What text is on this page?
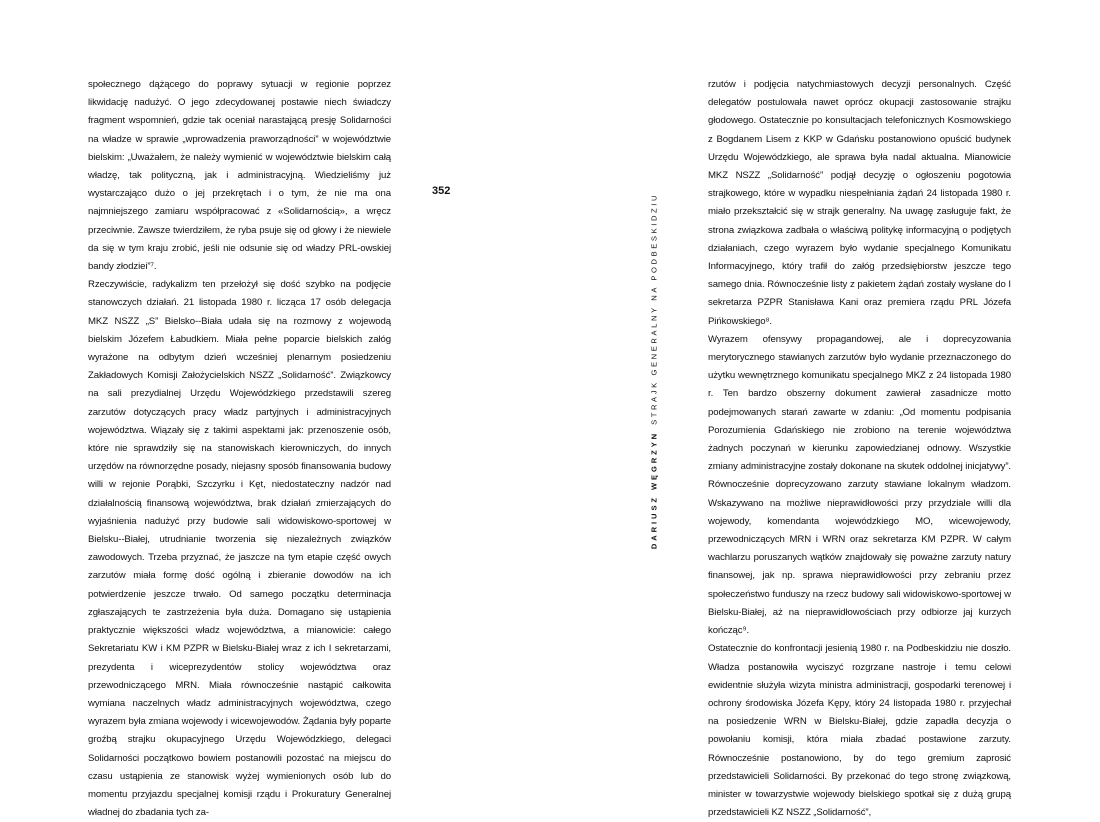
społecznego dążącego do poprawy sytuacji w regionie poprzez likwidację nadużyć. O jego zdecydowanej postawie niech świadczy fragment wspomnień, gdzie tak oceniał narastającą presję Solidarności na władze w sprawie „wprowadzenia praworządności” w województwie bielskim: „Uważałem, że należy wymienić w województwie bielskim całą władzę, tak polityczną, jak i administracyjną. Wiedzieliśmy już wystarczająco dużo o jej przekrętach i o tym, że nie ma ona najmniejszego zamiaru współpracować z «Solidarnością», a wręcz przeciwnie. Zawsze twierdziłem, że ryba psuje się od głowy i że niewiele da się w tym kraju zrobić, jeśli nie odsunie się od władzy PRL-owskiej bandy złodziei”⁷.

Rzeczywiście, radykalizm ten przełożył się dość szybko na podjęcie stanowczych działań. 21 listopada 1980 r. licząca 17 osób delegacja MKZ NSZZ „S” Bielsko--Biała udała się na rozmowy z wojewodą bielskim Józefem Łabudkiem. Miała pełne poparcie bielskich załóg wyrażone na odbytym dzień wcześniej plenarnym posiedzeniu Zakładowych Komisji Założycielskich NSZZ „Solidarność”. Związkowcy na sali prezydialnej Urzędu Wojewódzkiego przedstawili szereg zarzutów dotyczących pracy władz partyjnych i administracyjnych województwa. Wiązały się z takimi aspektami jak: przenoszenie osób, które nie sprawdziły się na stanowiskach kierowniczych, do innych urzędów na równorzędne posady, niejasny sposób finansowania budowy willi w rejonie Porąbki, Szczyrku i Kęt, niedostateczny nadzór nad działalnością finansową województwa, brak działań zmierzających do wyjaśnienia nadużyć przy budowie sali widowiskowo-sportowej w Bielsku--Białej, utrudnianie tworzenia się niezależnych związków zawodowych. Trzeba przyznać, że jaszcze na tym etapie część owych zarzutów miała formę dość ogólną i zbieranie dowodów na ich potwierdzenie jeszcze trwało. Od samego początku determinacja zgłaszających te zastrzeżenia była duża. Domagano się ustąpienia praktycznie większości władz województwa, a mianowicie: całego Sekretariatu KW i KM PZPR w Bielsku-Białej wraz z ich I sekretarzami, prezydenta i wiceprezydentów stolicy województwa oraz przewodniczącego MRN. Miała równocześnie nastąpić całkowita wymiana naczelnych władz administracyjnych województwa, czego wyrazem była zmiana wojewody i wicewojewodów. Żądania były poparte groźbą strajku okupacyjnego Urzędu Wojewódzkiego, delegaci Solidarności początkowo bowiem postanowili pozostać na miejscu do czasu ustąpienia ze stanowisk wyżej wymienionych osób lub do momentu przyjazdu specjalnej komisji rządu i Prokuratury Generalnej władnej do zbadania tych za-

352
DARIUSZ WĘGRZYNSTRAJK GENERALNY NA PODBESKIDZIU

rzutów i podjęcia natychmiastowych decyzji personalnych. Część delegatów postulowała nawet oprócz okupacji zastosowanie strajku głodowego. Ostatecznie po konsultacjach telefonicznych Kosmowskiego z Bogdanem Lisem z KKP w Gdańsku postanowiono opuścić budynek Urzędu Wojewódzkiego, ale sprawa była nadal aktualna. Mianowicie MKZ NSZZ „Solidarność” podjął decyzję o ogłoszeniu pogotowia strajkowego, które w wypadku niespełniania żądań 24 listopada 1980 r. miało przekształcić się w strajk generalny. Na uwagę zasługuje fakt, że strona związkowa zadbała o właściwą politykę informacyjną o podjętych działaniach, czego wyrazem było wydanie specjalnego Komunikatu Informacyjnego, który trafił do załóg przedsiębiorstw jeszcze tego samego dnia. Równocześnie listy z pakietem żądań zostały wysłane do I sekretarza PZPR Stanisława Kani oraz premiera rządu PRL Józefa Pińkowskiego⁸.

Wyrazem ofensywy propagandowej, ale i doprecyzowania merytorycznego stawianych zarzutów było wydanie przeznaczonego do użytku wewnętrznego komunikatu specjalnego MKZ z 24 listopada 1980 r. Ten bardzo obszerny dokument zawierał zasadnicze motto podejmowanych starań zawarte w zdaniu: „Od momentu podpisania Porozumienia Gdańskiego nie zrobiono na terenie województwa żadnych poczynań w kierunku zapowiedzianej odnowy. Wszystkie zmiany administracyjne zostały dokonane na skutek oddolnej inicjatywy”. Równocześnie doprecyzowano zarzuty stawiane lokalnym władzom. Wskazywano na możliwe nieprawidłowości przy przydziale willi dla wojewody, komendanta wojewódzkiego MO, wicewojewody, przewodniczących MRN i WRN oraz sekretarza KM PZPR. W całym wachlarzu poruszanych wątków znajdowały się poważne zarzuty natury finansowej, jak np. sprawa nieprawidłowości przy zebraniu przez społeczeństwo funduszy na rzecz budowy sali widowiskowo-sportowej w Bielsku-Białej, aż na nieprawidłowościach przy odbiorze jaj kurzych kończąc⁹.

Ostatecznie do konfrontacji jesienią 1980 r. na Podbeskidziu nie doszło. Władza postanowiła wyciszyć rozgrzane nastroje i temu celowi ewidentnie służyła wizyta ministra administracji, gospodarki terenowej i ochrony środowiska Józefa Kępy, który 24 listopada 1980 r. przyjechał na posiedzenie WRN w Bielsku-Białej, gdzie zapadła decyzja o powołaniu komisji, która miała zbadać postawione zarzuty. Równocześnie postanowiono, by do tego gremium zaprosić przedstawicieli Solidarności. By przekonać do tego stronę związkową, minister w towarzystwie wojewody bielskiego spotkał się z dużą grupą przedstawicieli KZ NSZZ „Solidarność”,
